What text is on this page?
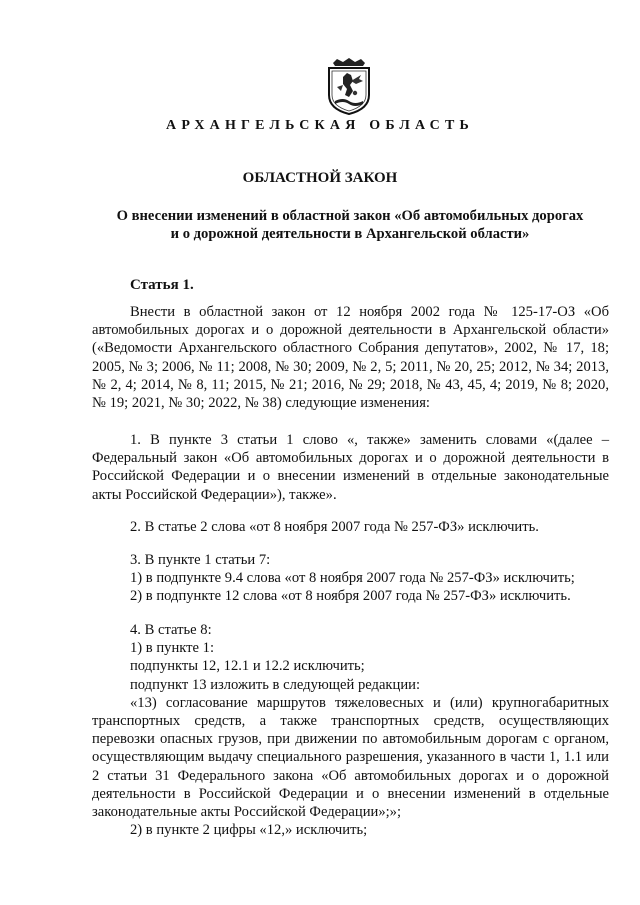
АРХАНГЕЛЬСКАЯ ОБЛАСТЬ
ОБЛАСТНОЙ ЗАКОН
О внесении изменений в областной закон «Об автомобильных дорогах
и о дорожной деятельности в Архангельской области»
Статья 1.

Внести в областной закон от 12 ноября 2002 года № 125-17-ОЗ «Об автомобильных дорогах и о дорожной деятельности в Архангельской области» («Ведомости Архангельского областного Собрания депутатов», 2002, № 17, 18; 2005, № 3; 2006, № 11; 2008, № 30; 2009, № 2, 5; 2011, № 20, 25; 2012, № 34; 2013, № 2, 4; 2014, № 8, 11; 2015, № 21; 2016, № 29; 2018, № 43, 45, 4; 2019, № 8; 2020, № 19; 2021, № 30; 2022, № 38) следующие изменения:

1. В пункте 3 статьи 1 слово «, также» заменить словами «(далее – Федеральный закон «Об автомобильных дорогах и о дорожной деятельности в Российской Федерации и о внесении изменений в отдельные законодательные акты Российской Федерации»), также».

2. В статье 2 слова «от 8 ноября 2007 года № 257-ФЗ» исключить.
3. В пункте 1 статьи 7:
1) в подпункте 9.4 слова «от 8 ноября 2007 года № 257-ФЗ» исключить;
2) в подпункте 12 слова «от 8 ноября 2007 года № 257-ФЗ» исключить.
4. В статье 8:
1) в пункте 1:
подпункты 12, 12.1 и 12.2 исключить;
подпункт 13 изложить в следующей редакции:

«13) согласование маршрутов тяжеловесных и (или) крупногабаритных транспортных средств, а также транспортных средств, осуществляющих перевозки опасных грузов, при движении по автомобильным дорогам с органом, осуществляющим выдачу специального разрешения, указанного в части 1, 1.1 или 2 статьи 31 Федерального закона «Об автомобильных дорогах и о дорожной деятельности в Российской Федерации и о внесении изменений в отдельные законодательные акты Российской Федерации»;»;

2) в пункте 2 цифры «12,» исключить;
